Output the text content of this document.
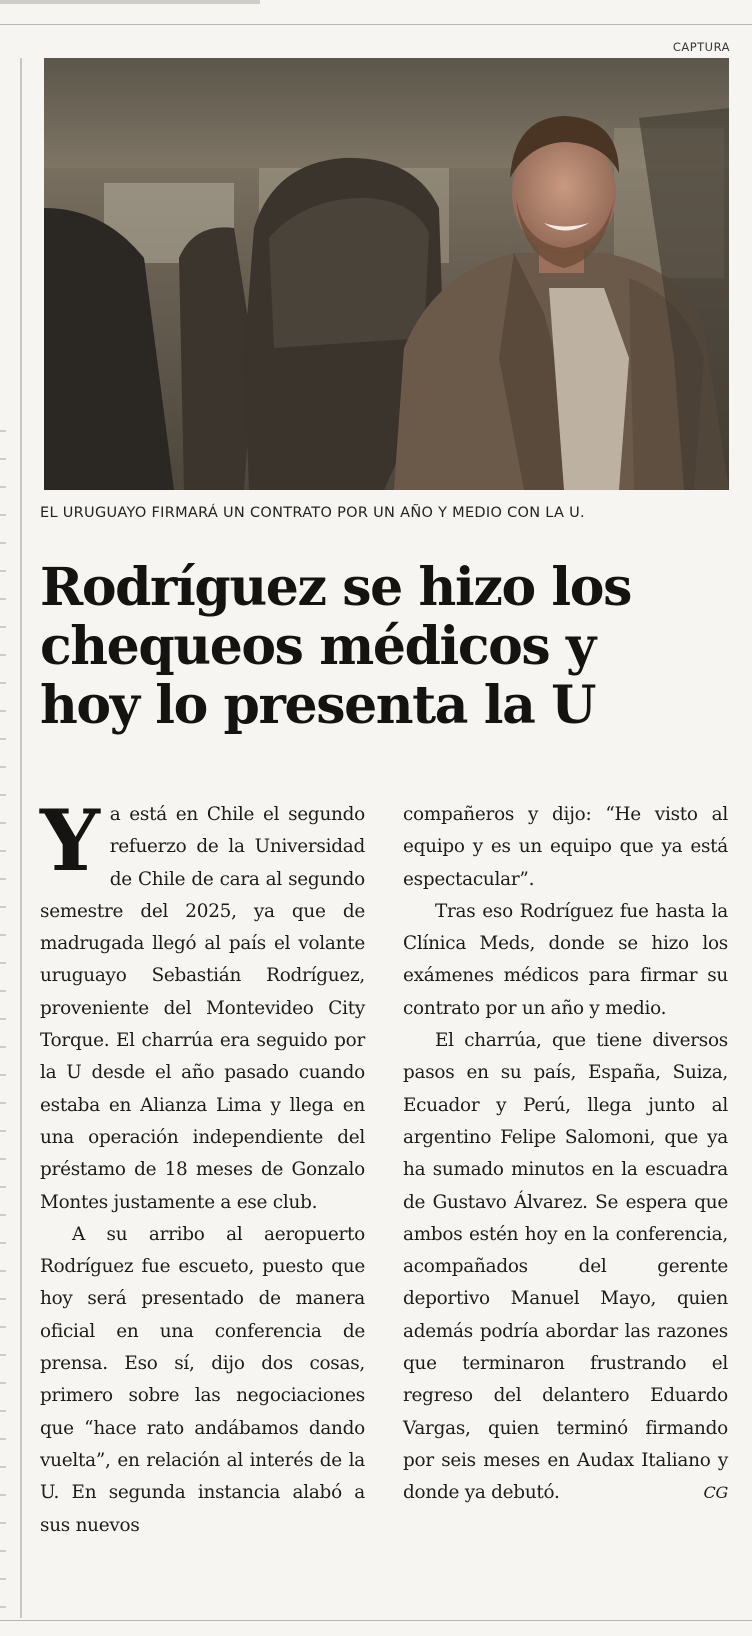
CAPTURA
EL URUGUAYO FIRMARÁ UN CONTRATO POR UN AÑO Y MEDIO CON LA U.
Rodríguez se hizo los
chequeos médicos y
hoy lo presenta la U

Ya está en Chile el segundo refuerzo de la Universidad de Chile de cara al segundo semestre del 2025, ya que de madrugada llegó al país el volante uruguayo Sebastián Rodríguez, proveniente del Montevideo City Torque. El charrúa era seguido por la U desde el año pasado cuando estaba en Alianza Lima y llega en una operación independiente del préstamo de 18 meses de Gonzalo Montes justamente a ese club.

A su arribo al aeropuerto Rodríguez fue escueto, puesto que hoy será presentado de manera oficial en una conferencia de prensa. Eso sí, dijo dos cosas, primero sobre las negociaciones que “hace rato andábamos dando vuelta”, en relación al interés de la U. En segunda instancia alabó a sus nuevos

compañeros y dijo: “He visto al equipo y es un equipo que ya está espectacular”.

Tras eso Rodríguez fue hasta la Clínica Meds, donde se hizo los exámenes médicos para firmar su contrato por un año y medio.

El charrúa, que tiene diversos pasos en su país, España, Suiza, Ecuador y Perú, llega junto al argentino Felipe Salomoni, que ya ha sumado minutos en la escuadra de Gustavo Álvarez. Se espera que ambos estén hoy en la conferencia, acompañados del gerente deportivo Manuel Mayo, quien además podría abordar las razones que terminaron frustrando el regreso del delantero Eduardo Vargas, quien terminó firmando por seis meses en Audax Italiano y donde ya debutó.	CG
